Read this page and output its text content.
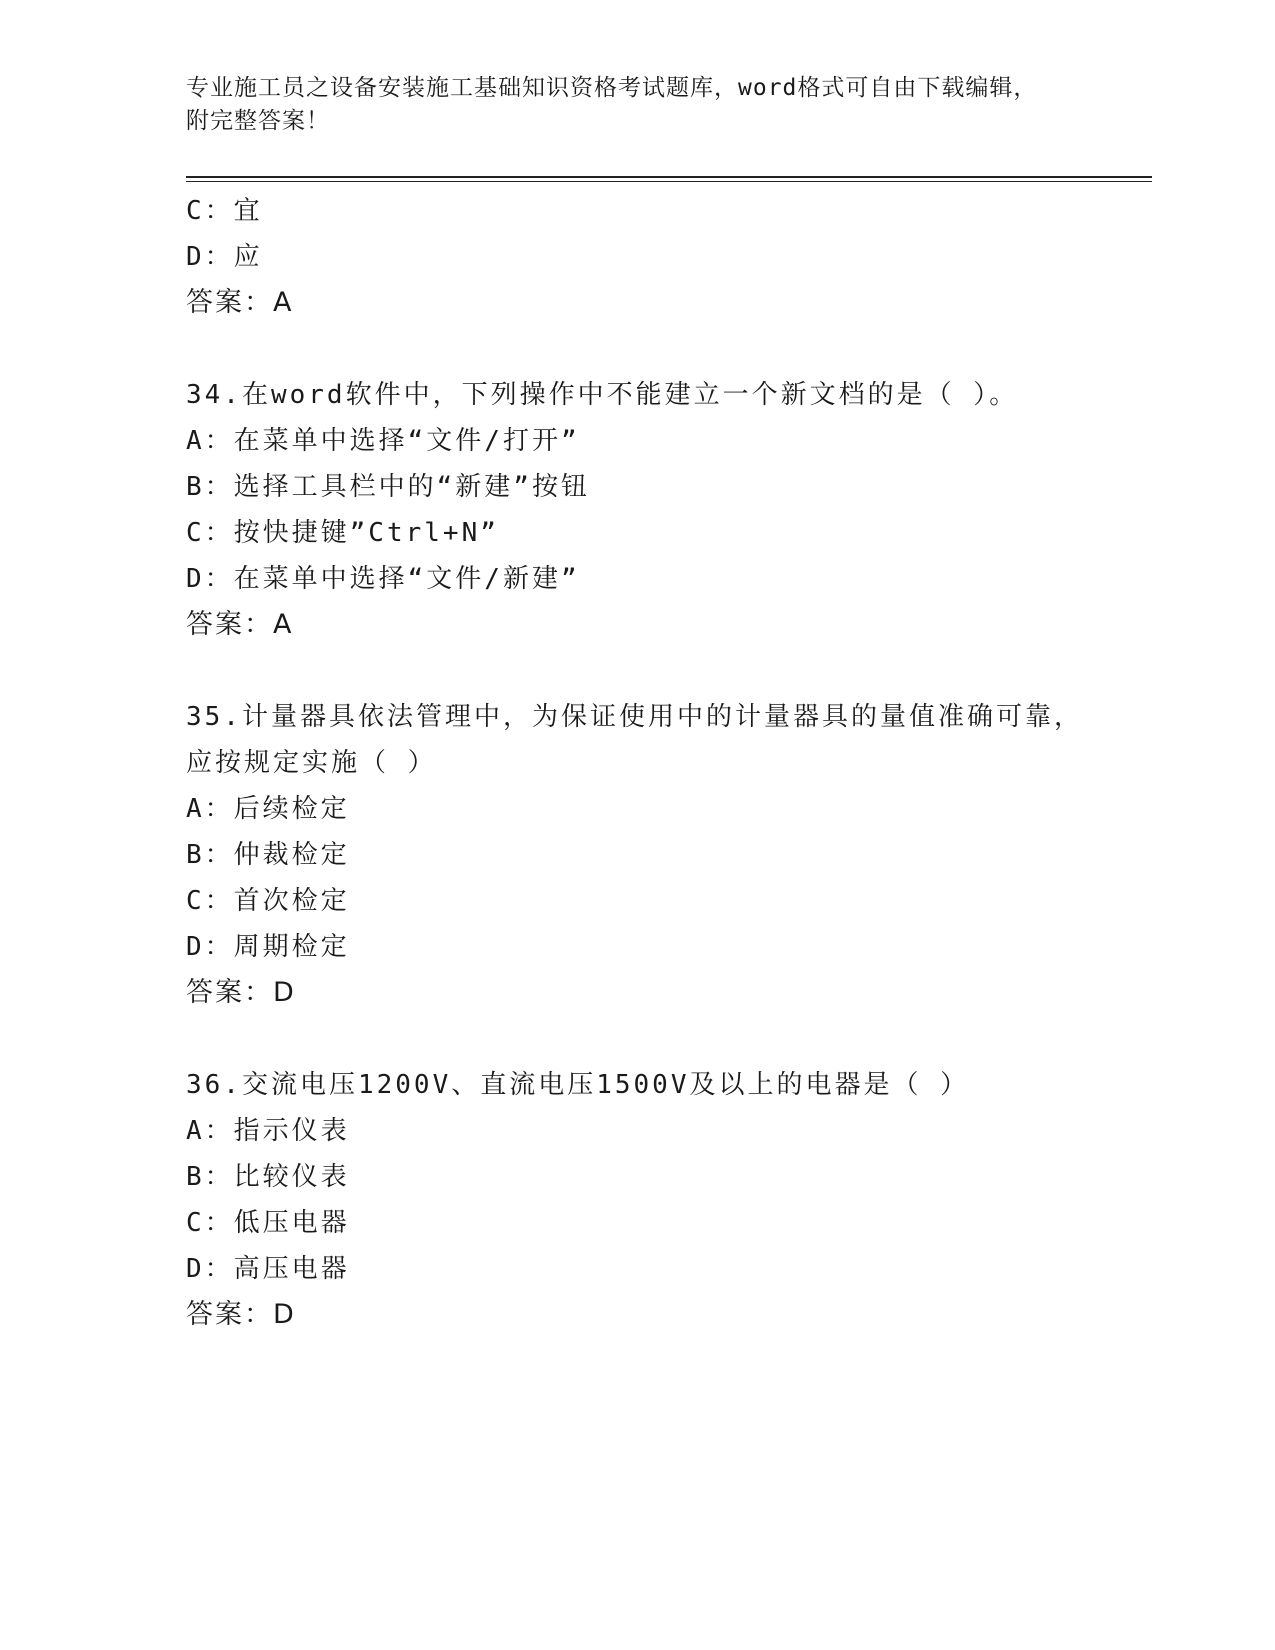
专业施工员之设备安装施工基础知识资格考试题库，word格式可自由下载编辑，
附完整答案！
C：宜
D：应
答案：A
34.在word软件中，下列操作中不能建立一个新文档的是（ ）。
A：在菜单中选择“文件/打开”
B：选择工具栏中的“新建”按钮
C：按快捷键”Ctrl+N”
D：在菜单中选择“文件/新建”
答案：A
35.计量器具依法管理中，为保证使用中的计量器具的量值准确可靠，
应按规定实施（ ）
A：后续检定
B：仲裁检定
C：首次检定
D：周期检定
答案：D
36.交流电压1200V、直流电压1500V及以上的电器是（ ）
A：指示仪表
B：比较仪表
C：低压电器
D：高压电器
答案：D
